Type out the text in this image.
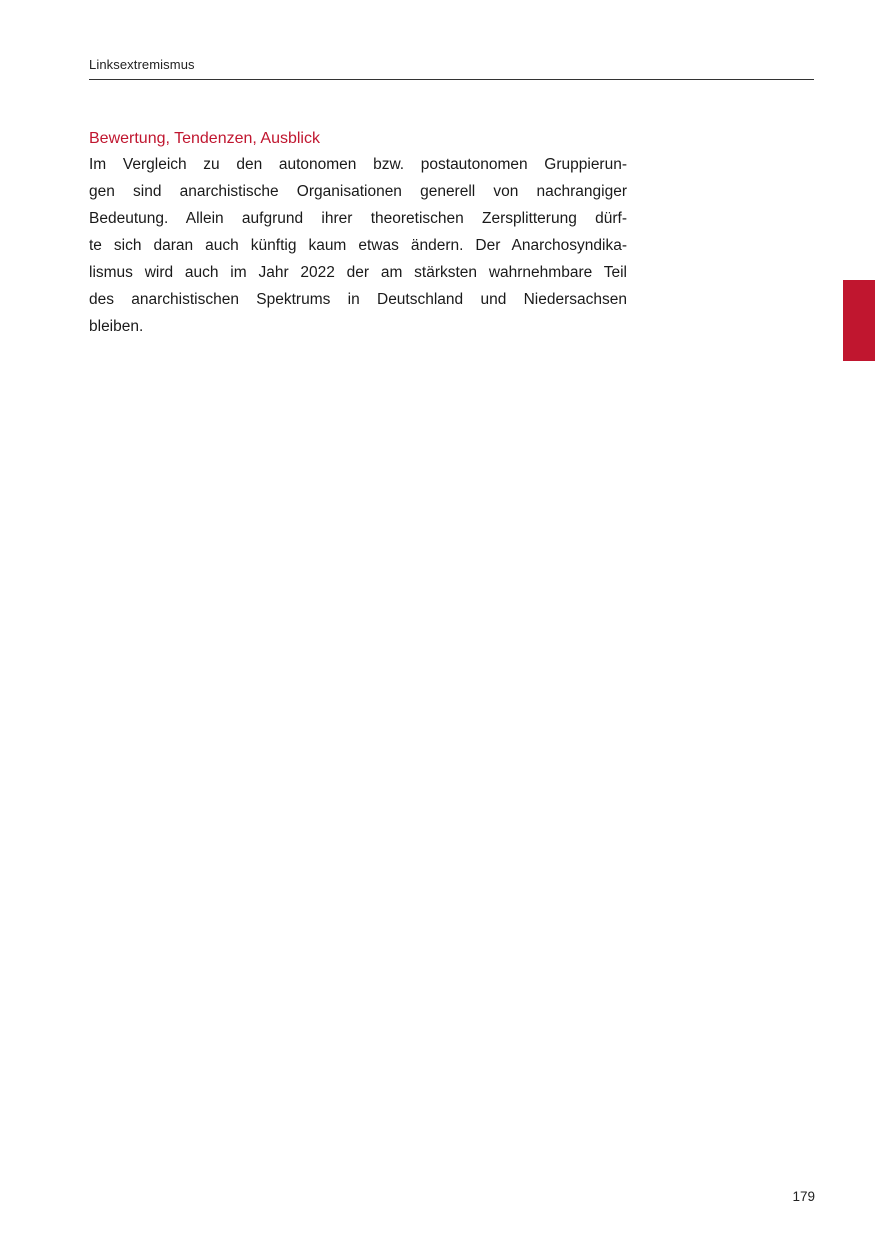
Linksextremismus
Bewertung, Tendenzen, Ausblick
Im Vergleich zu den autonomen bzw. postautonomen Gruppierun-
gen sind anarchistische Organisationen generell von nachrangiger
Bedeutung. Allein aufgrund ihrer theoretischen Zersplitterung dürf-
te sich daran auch künftig kaum etwas ändern. Der Anarchosyndika-
lismus wird auch im Jahr 2022 der am stärksten wahrnehmbare Teil
des anarchistischen Spektrums in Deutschland und Niedersachsen
bleiben.
179
